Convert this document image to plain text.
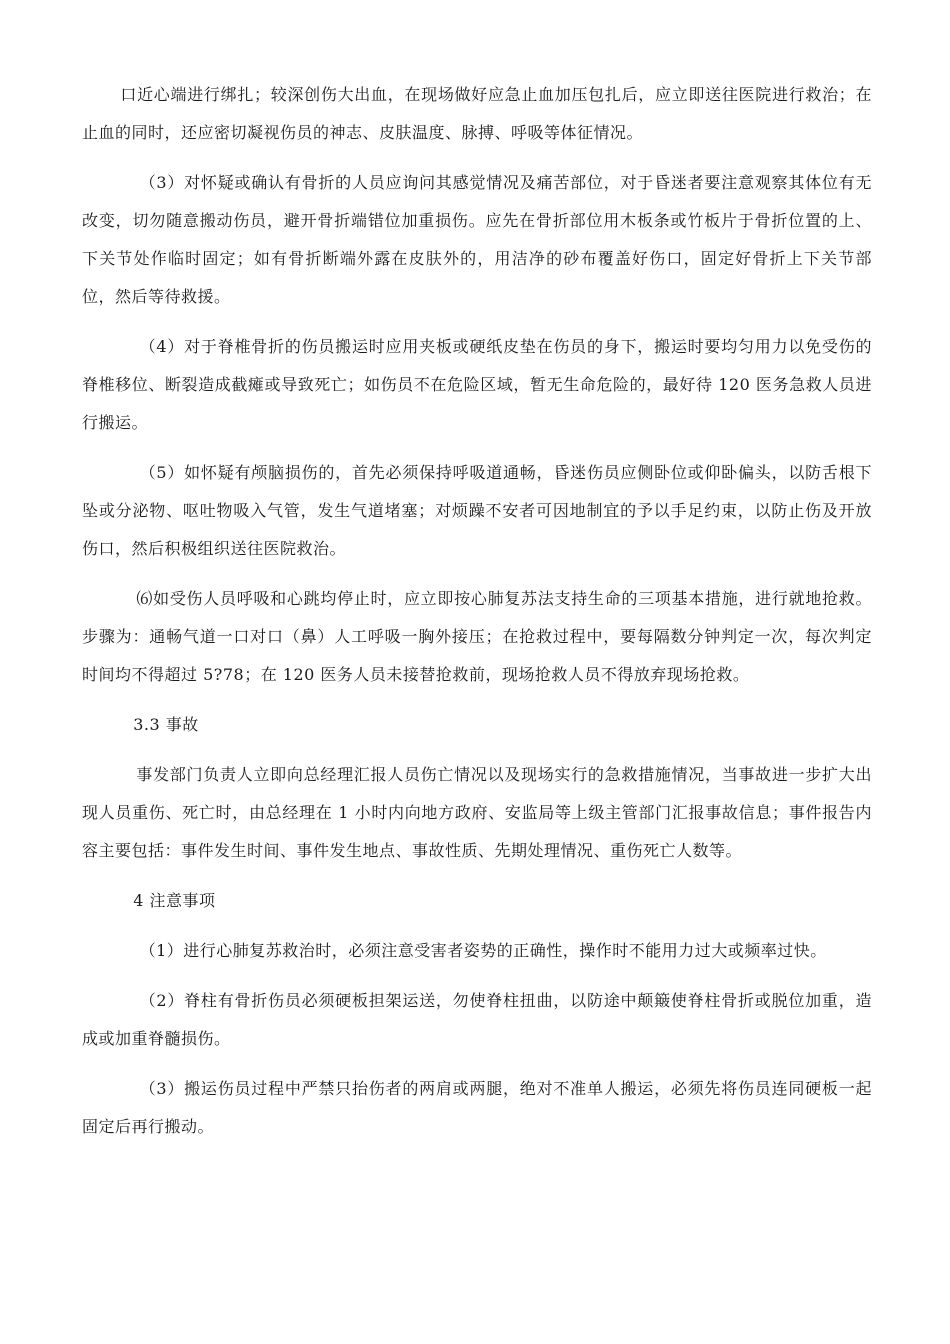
口近心端进行绑扎；较深创伤大出血，在现场做好应急止血加压包扎后，应立即送往医院进行救治；在止血的同时，还应密切凝视伤员的神志、皮肤温度、脉搏、呼吸等体征情况。

（3）对怀疑或确认有骨折的人员应询问其感觉情况及痛苦部位，对于昏迷者要注意观察其体位有无改变，切勿随意搬动伤员，避开骨折端错位加重损伤。应先在骨折部位用木板条或竹板片于骨折位置的上、下关节处作临时固定；如有骨折断端外露在皮肤外的，用洁净的砂布覆盖好伤口，固定好骨折上下关节部位，然后等待救援。

（4）对于脊椎骨折的伤员搬运时应用夹板或硬纸皮垫在伤员的身下，搬运时要均匀用力以免受伤的脊椎移位、断裂造成截瘫或导致死亡；如伤员不在危险区域，暂无生命危险的，最好待 120 医务急救人员进行搬运。

（5）如怀疑有颅脑损伤的，首先必须保持呼吸道通畅，昏迷伤员应侧卧位或仰卧偏头，以防舌根下坠或分泌物、呕吐物吸入气管，发生气道堵塞；对烦躁不安者可因地制宜的予以手足约束，以防止伤及开放伤口，然后积极组织送往医院救治。

⑹如受伤人员呼吸和心跳均停止时，应立即按心肺复苏法支持生命的三项基本措施，进行就地抢救。步骤为：通畅气道一口对口（鼻）人工呼吸一胸外接压；在抢救过程中，要每隔数分钟判定一次，每次判定时间均不得超过 5?78；在 120 医务人员未接替抢救前，现场抢救人员不得放弃现场抢救。

3.3 事故

事发部门负责人立即向总经理汇报人员伤亡情况以及现场实行的急救措施情况，当事故进一步扩大出现人员重伤、死亡时，由总经理在 1 小时内向地方政府、安监局等上级主管部门汇报事故信息；事件报告内容主要包括：事件发生时间、事件发生地点、事故性质、先期处理情况、重伤死亡人数等。

4 注意事项

（1）进行心肺复苏救治时，必须注意受害者姿势的正确性，操作时不能用力过大或频率过快。

（2）脊柱有骨折伤员必须硬板担架运送，勿使脊柱扭曲，以防途中颠簸使脊柱骨折或脱位加重，造成或加重脊髓损伤。

（3）搬运伤员过程中严禁只抬伤者的两肩或两腿，绝对不准单人搬运，必须先将伤员连同硬板一起固定后再行搬动。
